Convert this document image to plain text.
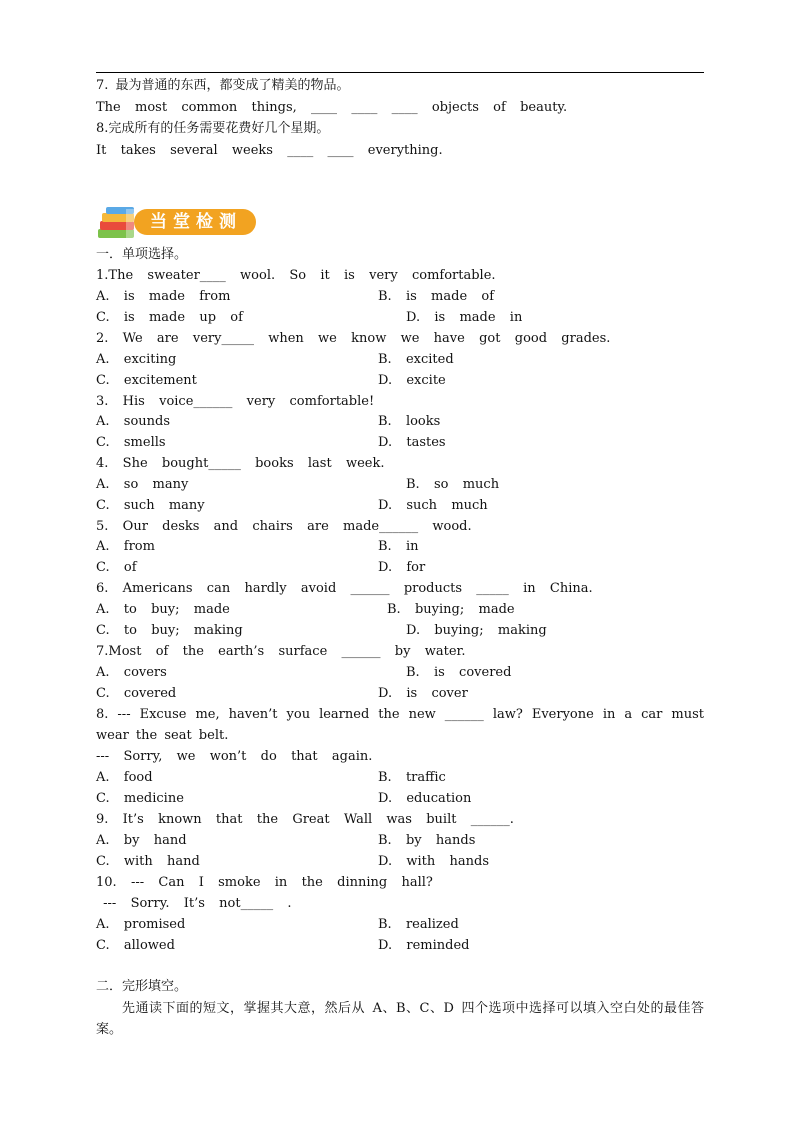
7. 最为普通的东西，都变成了精美的物品。
The  most  common  things,  ____  ____  ____  objects  of  beauty.
8.完成所有的任务需要花费好几个星期。
It  takes  several  weeks  ____  ____  everything.
当堂检测
一．单项选择。
1.The  sweater____  wool.  So  it  is  very  comfortable.
A.  is  made  from	B.  is  made  of
C.  is  made  up  of	D.  is  made  in
2.  We  are  very_____  when  we  know  we  have  got  good  grades.
A.  exciting	B.  excited
C.  excitement	D.  excite
3.  His  voice______  very  comfortable!
A.  sounds	B.  looks
C.  smells	D.  tastes
4.  She  bought_____  books  last  week.
A.  so  many	B.  so  much
C.  such  many	D.  such  much
5.  Our  desks  and  chairs  are  made______  wood.
A.  from	B.  in
C.  of	D.  for
6.  Americans  can  hardly  avoid  ______  products  _____  in  China.
A.  to  buy;  made	B.  buying;  made
C.  to  buy;  making	D.  buying;  making
7.Most  of  the  earth’s  surface  ______  by  water.
A.  covers	B.  is  covered
C.  covered	D.  is  cover
8. --- Excuse me, haven’t you learned the new ______ law? Everyone in a car must wear the seat belt.
---  Sorry,  we  won’t  do  that  again.
A.  food	B.  traffic
C.  medicine	D.  education
9.  It’s  known  that  the  Great  Wall  was  built  ______.
A.  by  hand	B.  by  hands
C.  with  hand	D.  with  hands
10.  ---  Can  I  smoke  in  the  dinning  hall?
---  Sorry.  It’s  not_____  .
A.  promised	B.  realized
C.  allowed	D.  reminded
二．完形填空。
先通读下面的短文，掌握其大意，然后从 A、B、C、D 四个选项中选择可以填入空白处的最佳答案。
